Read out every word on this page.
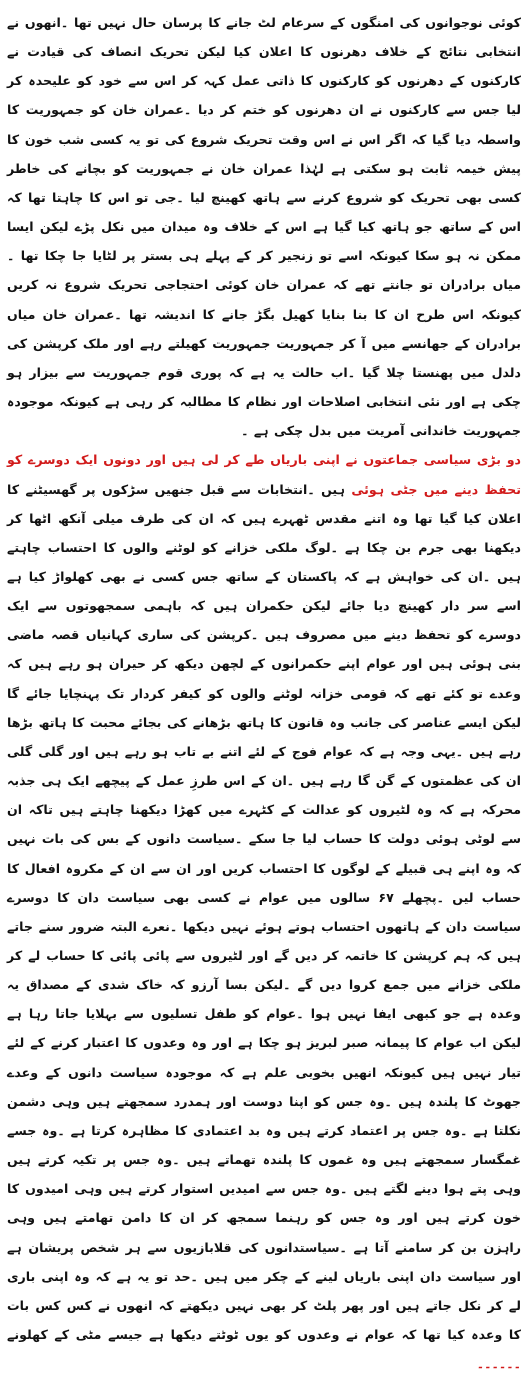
کوئی نوجوانوں کی امنگوں کے سرعام لٹ جانے کا پرسان حال نہیں تھا ۔انھوں نے انتخابی نتائج کے خلاف دھرنوں کا اعلان کیا لیکن تحریک انصاف کی قیادت نے کارکنوں کے دھرنوں کو کارکنوں کا ذاتی عمل کہہ کر اس سے خود کو علیحدہ کر لیا جس سے کارکنوں نے ان دھرنوں کو ختم کر دیا ۔عمران خان کو جمہوریت کا واسطہ دیا گیا کہ اگر اس نے اس وقت تحریک شروع کی تو یہ کسی شب خون کا پیش خیمہ ثابت ہو سکتی ہے لہٰذا عمران خان نے جمہوریت کو بچانے کی خاطر کسی بھی تحریک کو شروع کرنے سے ہاتھ کھینچ لیا ۔جی تو اس کا چاہتا تھا کہ اس کے ساتھ جو ہاتھ کیا گیا ہے اس کے خلاف وہ میدان میں نکل پڑے لیکن ایسا ممکن نہ ہو سکا کیونکہ اسے تو زنجیر کر کے پہلے ہی بستر پر لٹایا جا چکا تھا ۔میاں برادران تو جانتے تھے کہ عمران خان کوئی احتجاجی تحریک شروع نہ کریں کیونکہ اس طرح ان کا بنا بنایا کھیل بگڑ جانے کا اندیشہ تھا ۔عمران خان میاں برادران کے جھانسے میں آ کر جمہوریت جمہوریت کھیلتے رہے اور ملک کرپشن کی دلدل میں پھنستا چلا گیا ۔اب حالت یہ ہے کہ پوری قوم جمہوریت سے بیزار ہو چکی ہے اور نئی انتخابی اصلاحات اور نظام کا مطالبہ کر رہی ہے کیونکہ موجودہ جمہوریت خاندانی آمریت میں بدل چکی ہے ۔

دو بڑی سیاسی جماعتوں نے اپنی باریاں طے کر لی ہیں اور دونوں ایک دوسرے کو تحفظ دینے میں جٹی ہوئی ہیں ۔انتخابات سے قبل جنھیں سڑکوں پر گھسیٹنے کا اعلان کیا گیا تھا وہ اتنے مقدس ٹھہرے ہیں کہ ان کی طرف میلی آنکھ اٹھا کر دیکھنا بھی جرم بن چکا ہے ۔لوگ ملکی خزانے کو لوٹنے والوں کا احتساب چاہتے ہیں ۔ان کی خواہش ہے کہ پاکستان کے ساتھ جس کسی نے بھی کھلواڑ کیا ہے اسے سر دار کھینچ دیا جائے لیکن حکمران ہیں کہ باہمی سمجھوتوں سے ایک دوسرے کو تحفظ دینے میں مصروف ہیں ۔کرپشن کی ساری کہانیاں قصہ ماضی بنی ہوئی ہیں اور عوام اپنے حکمرانوں کے لچھن دیکھ کر حیران ہو رہے ہیں کہ وعدے تو کئے تھے کہ قومی خزانہ لوٹنے والوں کو کیفر کردار تک پہنچایا جائے گا لیکن ایسے عناصر کی جانب وہ قانون کا ہاتھ بڑھانے کی بجائے محبت کا ہاتھ بڑھا رہے ہیں ۔یہی وجہ ہے کہ عوام فوج کے لئے اتنے بے تاب ہو رہے ہیں اور گلی گلی ان کی عظمتوں کے گن گا رہے ہیں ۔ان کے اس طرزِ عمل کے پیچھے ایک ہی جذبہ محرکہ ہے کہ وہ لٹیروں کو عدالت کے کٹہرے میں کھڑا دیکھنا چاہتے ہیں تاکہ ان سے لوٹی ہوئی دولت کا حساب لیا جا سکے ۔سیاست دانوں کے بس کی بات نہیں کہ وہ اپنے ہی قبیلے کے لوگوں کا احتساب کریں اور ان سے ان کے مکروہ افعال کا حساب لیں ۔پچھلے ۶۷ سالوں میں عوام نے کسی بھی سیاست دان کا دوسرے سیاست دان کے ہاتھوں احتساب ہوتے ہوئے نہیں دیکھا ۔نعرے البتہ ضرور سنے جاتے ہیں کہ ہم کرپشن کا خاتمہ کر دیں گے اور لٹیروں سے پائی پائی کا حساب لے کر ملکی خزانے میں جمع کروا دیں گے ۔لیکن بسا آرزو کہ خاک شدی کے مصداق یہ وعدہ ہے جو کبھی ایفا نہیں ہوا ۔عوام کو طفل تسلیوں سے بہلایا جاتا رہا ہے لیکن اب عوام کا پیمانہ صبر لبریز ہو چکا ہے اور وہ وعدوں کا اعتبار کرنے کے لئے تیار نہیں ہیں کیونکہ انھیں بخوبی علم ہے کہ موجودہ سیاست دانوں کے وعدے جھوٹ کا پلندہ ہیں ۔وہ جس کو اپنا دوست اور ہمدرد سمجھتے ہیں وہی دشمن نکلتا ہے ۔وہ جس پر اعتماد کرتے ہیں وہ بد اعتمادی کا مظاہرہ کرتا ہے ۔وہ جسے غمگسار سمجھتے ہیں وہ غموں کا پلندہ تھماتے ہیں ۔وہ جس پر تکیہ کرتے ہیں وہی پتے ہوا دینے لگتے ہیں ۔وہ جس سے امیدیں استوار کرتے ہیں وہی امیدوں کا خون کرتے ہیں اور وہ جس کو رہنما سمجھ کر ان کا دامن تھامتے ہیں وہی راہزن بن کر سامنے آتا ہے ۔سیاستدانوں کی قلابازیوں سے ہر شخص پریشان ہے اور سیاست دان اپنی باریاں لینے کے چکر میں ہیں ۔حد تو یہ ہے کہ وہ اپنی باری لے کر نکل جاتے ہیں اور پھر پلٹ کر بھی نہیں دیکھتے کہ انھوں نے کس کس بات کا وعدہ کیا تھا کہ عوام نے وعدوں کو یوں ٹوٹتے دیکھا ہے جیسے مٹی کے کھلونے ۔۔۔۔۔۔
